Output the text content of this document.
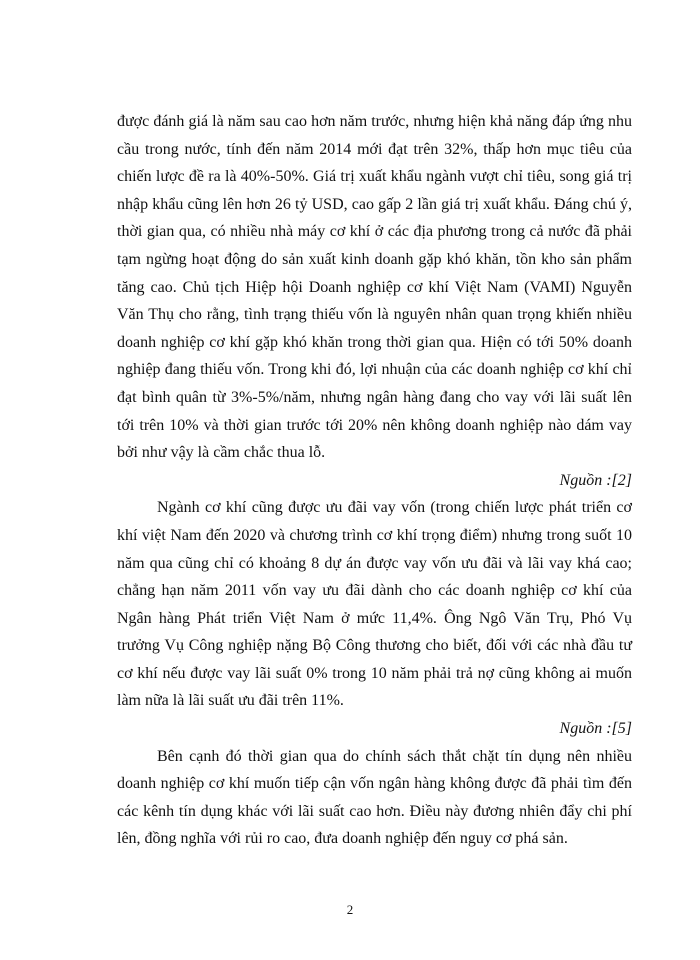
được đánh giá là năm sau cao hơn năm trước, nhưng hiện khả năng đáp ứng nhu cầu trong nước, tính đến năm 2014 mới đạt trên 32%, thấp hơn mục tiêu của chiến lược đề ra là 40%-50%. Giá trị xuất khẩu ngành vượt chỉ tiêu, song giá trị nhập khẩu cũng lên hơn 26 tỷ USD, cao gấp 2 lần giá trị xuất khẩu. Đáng chú ý, thời gian qua, có nhiều nhà máy cơ khí ở các địa phương trong cả nước đã phải tạm ngừng hoạt động do sản xuất kinh doanh gặp khó khăn, tồn kho sản phẩm tăng cao. Chủ tịch Hiệp hội Doanh nghiệp cơ khí Việt Nam (VAMI) Nguyễn Văn Thụ cho rằng, tình trạng thiếu vốn là nguyên nhân quan trọng khiến nhiều doanh nghiệp cơ khí gặp khó khăn trong thời gian qua. Hiện có tới 50% doanh nghiệp đang thiếu vốn. Trong khi đó, lợi nhuận của các doanh nghiệp cơ khí chỉ đạt bình quân từ 3%-5%/năm, nhưng ngân hàng đang cho vay với lãi suất lên tới trên 10% và thời gian trước tới 20% nên không doanh nghiệp nào dám vay bởi như vậy là cầm chắc thua lỗ.

Nguồn :[2]

Ngành cơ khí cũng được ưu đãi vay vốn (trong chiến lược phát triển cơ khí việt Nam đến 2020 và chương trình cơ khí trọng điểm) nhưng trong suốt 10 năm qua cũng chỉ có khoảng 8 dự án được vay vốn ưu đãi và lãi vay khá cao; chẳng hạn năm 2011 vốn vay ưu đãi dành cho các doanh nghiệp cơ khí của Ngân hàng Phát triển Việt Nam ở mức 11,4%. Ông Ngô Văn Trụ, Phó Vụ trưởng Vụ Công nghiệp nặng Bộ Công thương cho biết, đối với các nhà đầu tư cơ khí nếu được vay lãi suất 0% trong 10 năm phải trả nợ cũng không ai muốn làm nữa là lãi suất ưu đãi trên 11%.

Nguồn :[5]

Bên cạnh đó thời gian qua do chính sách thắt chặt tín dụng nên nhiều doanh nghiệp cơ khí muốn tiếp cận vốn ngân hàng không được đã phải tìm đến các kênh tín dụng khác với lãi suất cao hơn. Điều này đương nhiên đẩy chi phí lên, đồng nghĩa với rủi ro cao, đưa doanh nghiệp đến nguy cơ phá sản.

2
